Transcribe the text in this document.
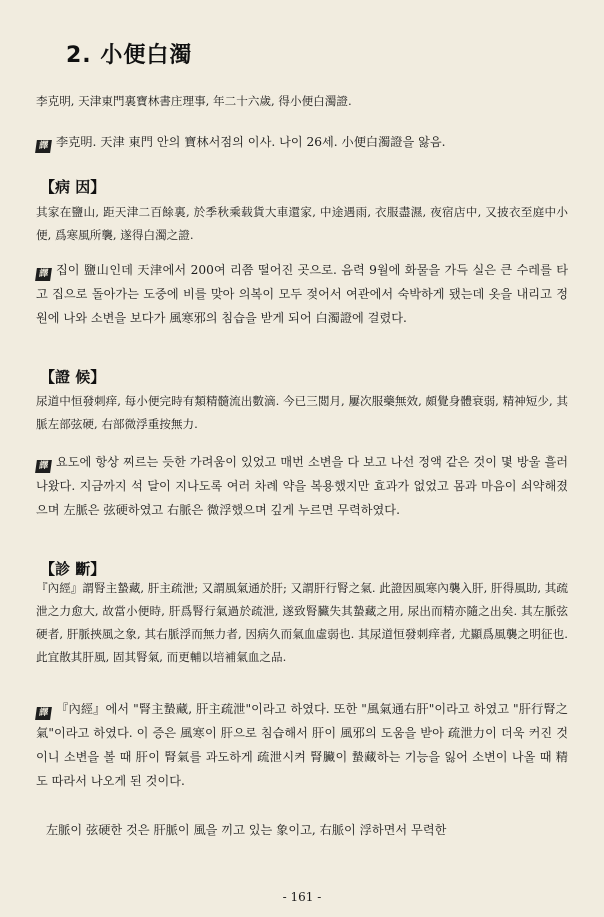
2. 小便白濁

李克明, 天津東門裏寶林書庄理事, 年二十六歲, 得小便白濁證.

譯 李克明. 天津 東門 안의 寶林서점의 이사. 나이 26세. 小便白濁證을 앓음.

【病 因】

其家在鹽山, 距天津二百餘裏, 於季秋乘载貨大車還家, 中途遇雨, 衣服盡濕, 夜宿店中, 又披衣至庭中小便, 爲寒風所襲, 遂得白濁之證.

譯 집이 鹽山인데 天津에서 200여 리쯤 떨어진 곳으로. 음력 9월에 화물을 가득 실은 큰 수레를 타고 집으로 돌아가는 도중에 비를 맞아 의복이 모두 젖어서 여관에서 숙박하게 됐는데 옷을 내리고 정원에 나와 소변을 보다가 風寒邪의 침습을 받게 되어 白濁證에 걸렸다.

【證 候】

尿道中恒發刺痒, 每小便完時有類精髓流出數滴. 今已三閲月, 屢次服藥無效, 頗覺身體衰弱, 精神短少, 其脈左部弦硬, 右部微浮重按無力.

譯 요도에 항상 찌르는 듯한 가려움이 있었고 매번 소변을 다 보고 나선 정액 같은 것이 몇 방울 흘러 나왔다. 지금까지 석 달이 지나도록 여러 차례 약을 복용했지만 효과가 없었고 몸과 마음이 쇠약해졌으며 左脈은 弦硬하였고 右脈은 微浮했으며 깊게 누르면 무력하였다.

【診 斷】

『內經』謂腎主蟄藏, 肝主疏泄; 又謂風氣通於肝; 又謂肝行腎之氣. 此證因風寒內襲入肝, 肝得風助, 其疏泄之力愈大, 故當小便時, 肝爲腎行氣過於疏泄, 遂致腎臟失其蟄藏之用, 尿出而精亦隨之出矣. 其左脈弦硬者, 肝脈挾風之象, 其右脈浮而無力者, 因病久而氣血虛弱也. 其尿道恒發刺痒者, 尤顯爲風襲之明征也. 此宜散其肝風, 固其腎氣, 而更輔以培補氣血之品.

譯 『內經』에서 "腎主蟄藏, 肝主疏泄"이라고 하였다. 또한 "風氣通右肝"이라고 하였고 "肝行腎之氣"이라고 하였다. 이 증은 風寒이 肝으로 침습해서 肝이 風邪의 도움을 받아 疏泄力이 더욱 커진 것이니 소변을 볼 때 肝이 腎氣를 과도하게 疏泄시켜 腎臟이 蟄藏하는 기능을 잃어 소변이 나올 때 精도 따라서 나오게 된 것이다.

左脈이 弦硬한 것은 肝脈이 風을 끼고 있는 象이고, 右脈이 浮하면서 무력한

- 161 -
